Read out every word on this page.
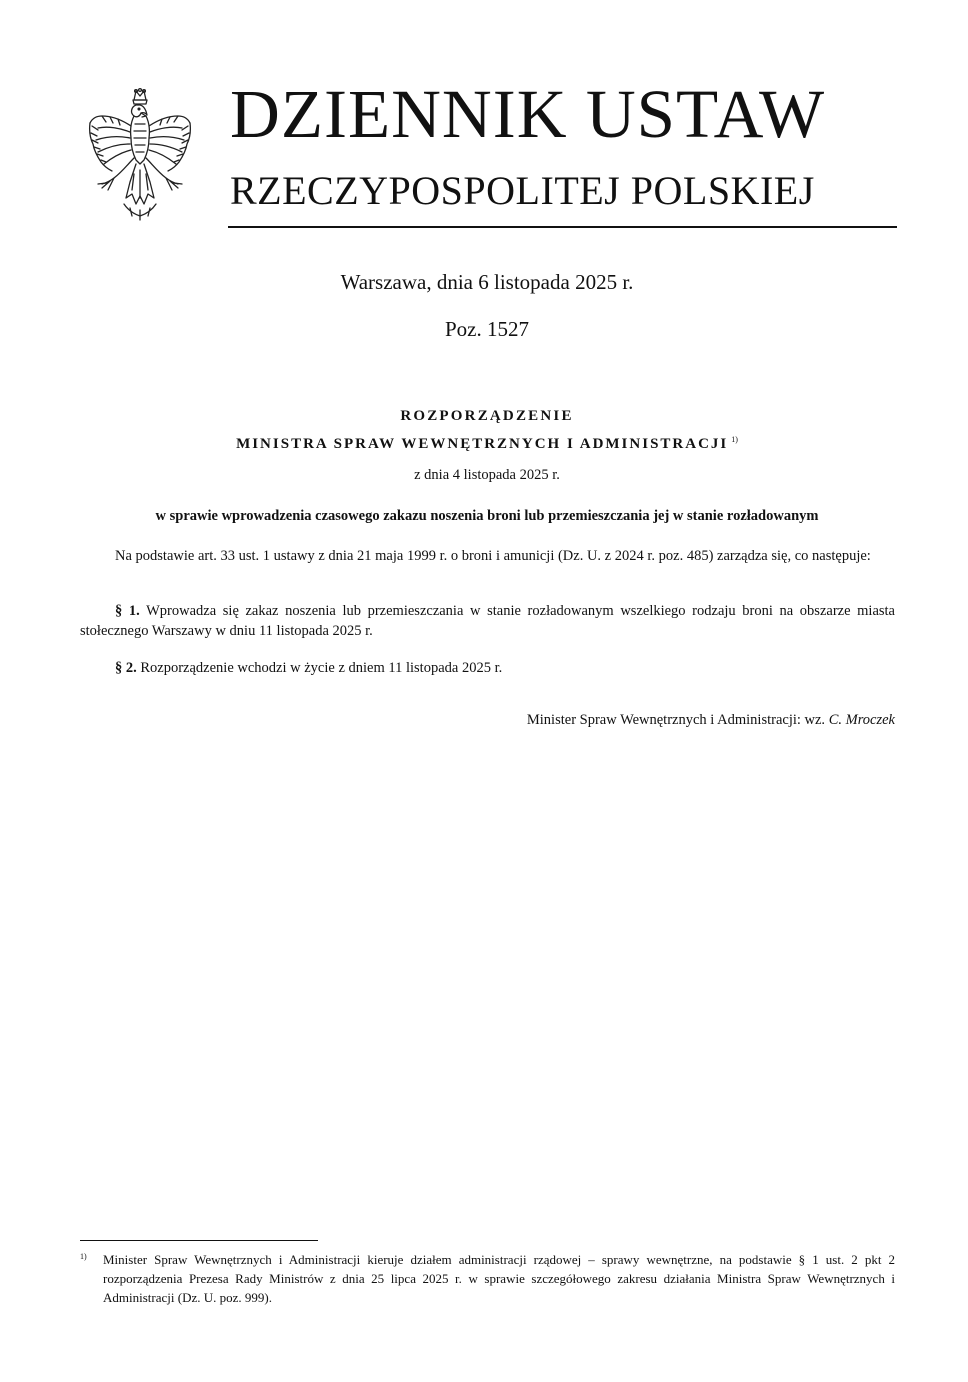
DZIENNIK USTAW
RZECZYPOSPOLITEJ POLSKIEJ
Warszawa, dnia 6 listopada 2025 r.
Poz. 1527
ROZPORZĄDZENIE
MINISTRA SPRAW WEWNĘTRZNYCH I ADMINISTRACJI $^{1)}$
z dnia 4 listopada 2025 r.
w sprawie wprowadzenia czasowego zakazu noszenia broni lub przemieszczania jej w stanie rozładowanym
Na podstawie art. 33 ust. 1 ustawy z dnia 21 maja 1999 r. o broni i amunicji (Dz. U. z 2024 r. poz. 485) zarządza się, co następuje:
§ 1. Wprowadza się zakaz noszenia lub przemieszczania w stanie rozładowanym wszelkiego rodzaju broni na obszarze miasta stołecznego Warszawy w dniu 11 listopada 2025 r.
§ 2. Rozporządzenie wchodzi w życie z dniem 11 listopada 2025 r.
Minister Spraw Wewnętrznych i Administracji: wz. C. Mroczek
1) Minister Spraw Wewnętrznych i Administracji kieruje działem administracji rządowej – sprawy wewnętrzne, na podstawie § 1 ust. 2 pkt 2 rozporządzenia Prezesa Rady Ministrów z dnia 25 lipca 2025 r. w sprawie szczegółowego zakresu działania Ministra Spraw Wewnętrznych i Administracji (Dz. U. poz. 999).
